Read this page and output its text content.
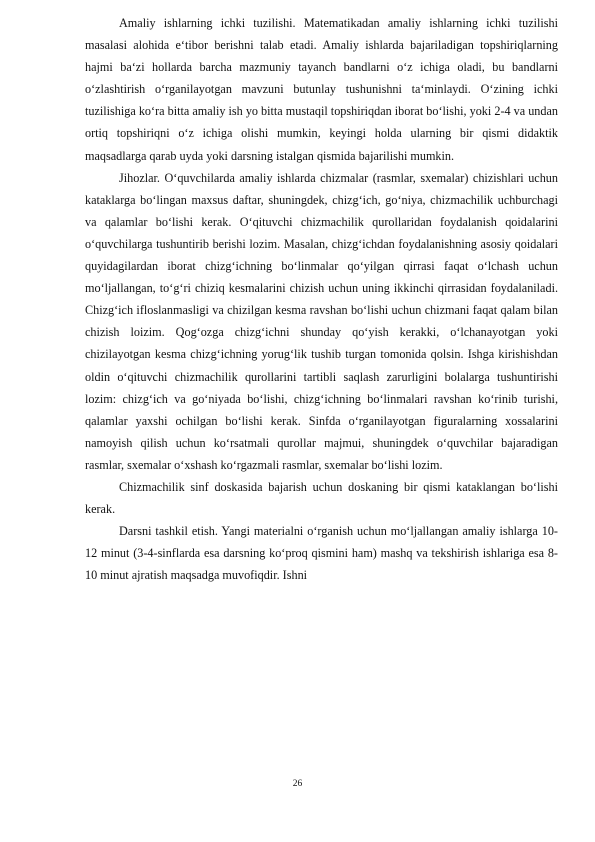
Amaliy ishlarning ichki tuzilishi. Matematikadan amaliy ishlarning ichki tuzilishi masalasi alohida e‘tibor berishni talab etadi. Amaliy ishlarda bajariladigan topshiriqlarning hajmi ba‘zi hollarda barcha mazmuniy tayanch bandlarni o‘z ichiga oladi, bu bandlarni o‘zlashtirish o‘rganilayotgan mavzuni butunlay tushunishni ta‘minlaydi. O‘zining ichki tuzilishiga ko‘ra bitta amaliy ish yo bitta mustaqil topshiriqdan iborat bo‘lishi, yoki 2-4 va undan ortiq topshiriqni o‘z ichiga olishi mumkin, keyingi holda ularning bir qismi didaktik maqsadlarga qarab uyda yoki darsning istalgan qismida bajarilishi mumkin.

Jihozlar. O‘quvchilarda amaliy ishlarda chizmalar (rasmlar, sxemalar) chizishlari uchun kataklarga bo‘lingan maxsus daftar, shuningdek, chizg‘ich, go‘niya, chizmachilik uchburchagi va qalamlar bo‘lishi kerak. O‘qituvchi chizmachilik qurollaridan foydalanish qoidalarini o‘quvchilarga tushuntirib berishi lozim. Masalan, chizg‘ichdan foydalanishning asosiy qoidalari quyidagilardan iborat chizg‘ichning bo‘linmalar qo‘yilgan qirrasi faqat o‘lchash uchun mo‘ljallangan, to‘g‘ri chiziq kesmalarini chizish uchun uning ikkinchi qirrasidan foydalaniladi. Chizg‘ich ifloslanmasligi va chizilgan kesma ravshan bo‘lishi uchun chizmani faqat qalam bilan chizish loizim. Qog‘ozga chizg‘ichni shunday qo‘yish kerakki, o‘lchanayotgan yoki chizilayotgan kesma chizg‘ichning yorug‘lik tushib turgan tomonida qolsin. Ishga kirishishdan oldin o‘qituvchi chizmachilik qurollarini tartibli saqlash zarurligini bolalarga tushuntirishi lozim: chizg‘ich va go‘niyada bo‘lishi, chizg‘ichning bo‘linmalari ravshan ko‘rinib turishi, qalamlar yaxshi ochilgan bo‘lishi kerak. Sinfda o‘rganilayotgan figuralarning xossalarini namoyish qilish uchun ko‘rsatmali qurollar majmui, shuningdek o‘quvchilar bajaradigan rasmlar, sxemalar o‘xshash ko‘rgazmali rasmlar, sxemalar bo‘lishi lozim.

Chizmachilik sinf doskasida bajarish uchun doskaning bir qismi kataklangan bo‘lishi kerak.

Darsni tashkil etish. Yangi materialni o‘rganish uchun mo‘ljallangan amaliy ishlarga 10-12 minut (3-4-sinflarda esa darsning ko‘proq qismini ham) mashq va tekshirish ishlariga esa 8-10 minut ajratish maqsadga muvofiqdir. Ishni

26
